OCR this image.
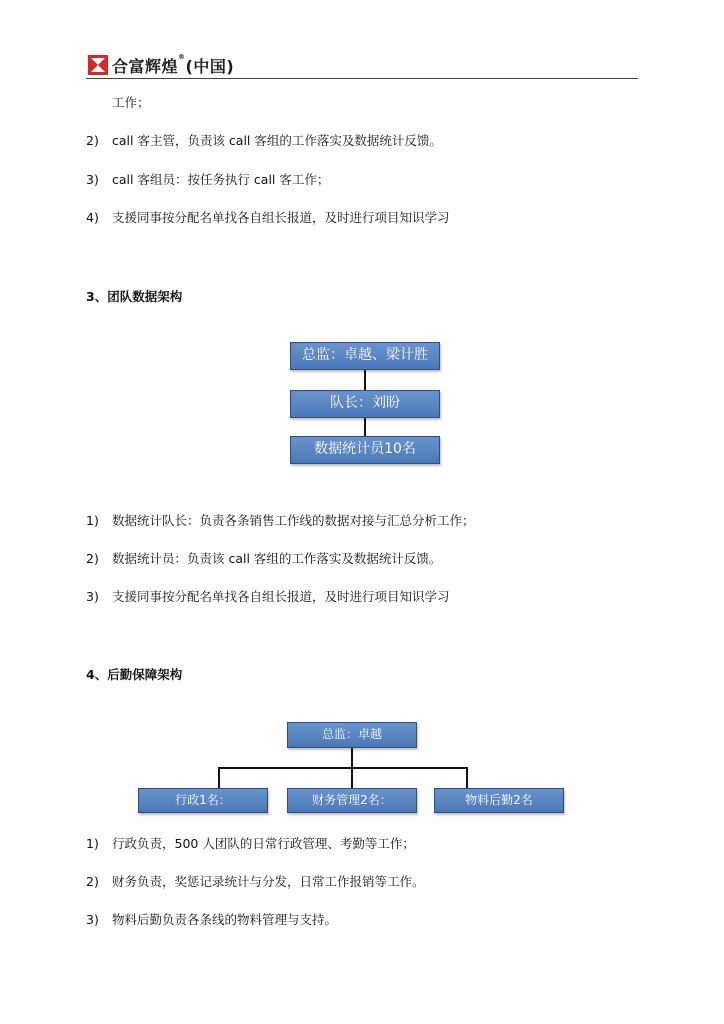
合富辉煌®(中国)
工作；
2) call 客主管，负责该 call 客组的工作落实及数据统计反馈。
3) call 客组员：按任务执行 call 客工作；
4) 支援同事按分配名单找各自组长报道，及时进行项目知识学习
3、团队数据架构
总监：卓越、梁计胜
队长：刘盼
数据统计员10名
1) 数据统计队长：负责各条销售工作线的数据对接与汇总分析工作；
2) 数据统计员：负责该 call 客组的工作落实及数据统计反馈。
3) 支援同事按分配名单找各自组长报道，及时进行项目知识学习
4、后勤保障架构
总监：卓越
行政1名：	财务管理2名：	物料后勤2名
1) 行政负责，500 人团队的日常行政管理、考勤等工作；
2) 财务负责，奖惩记录统计与分发，日常工作报销等工作。
3) 物料后勤负责各条线的物料管理与支持。
